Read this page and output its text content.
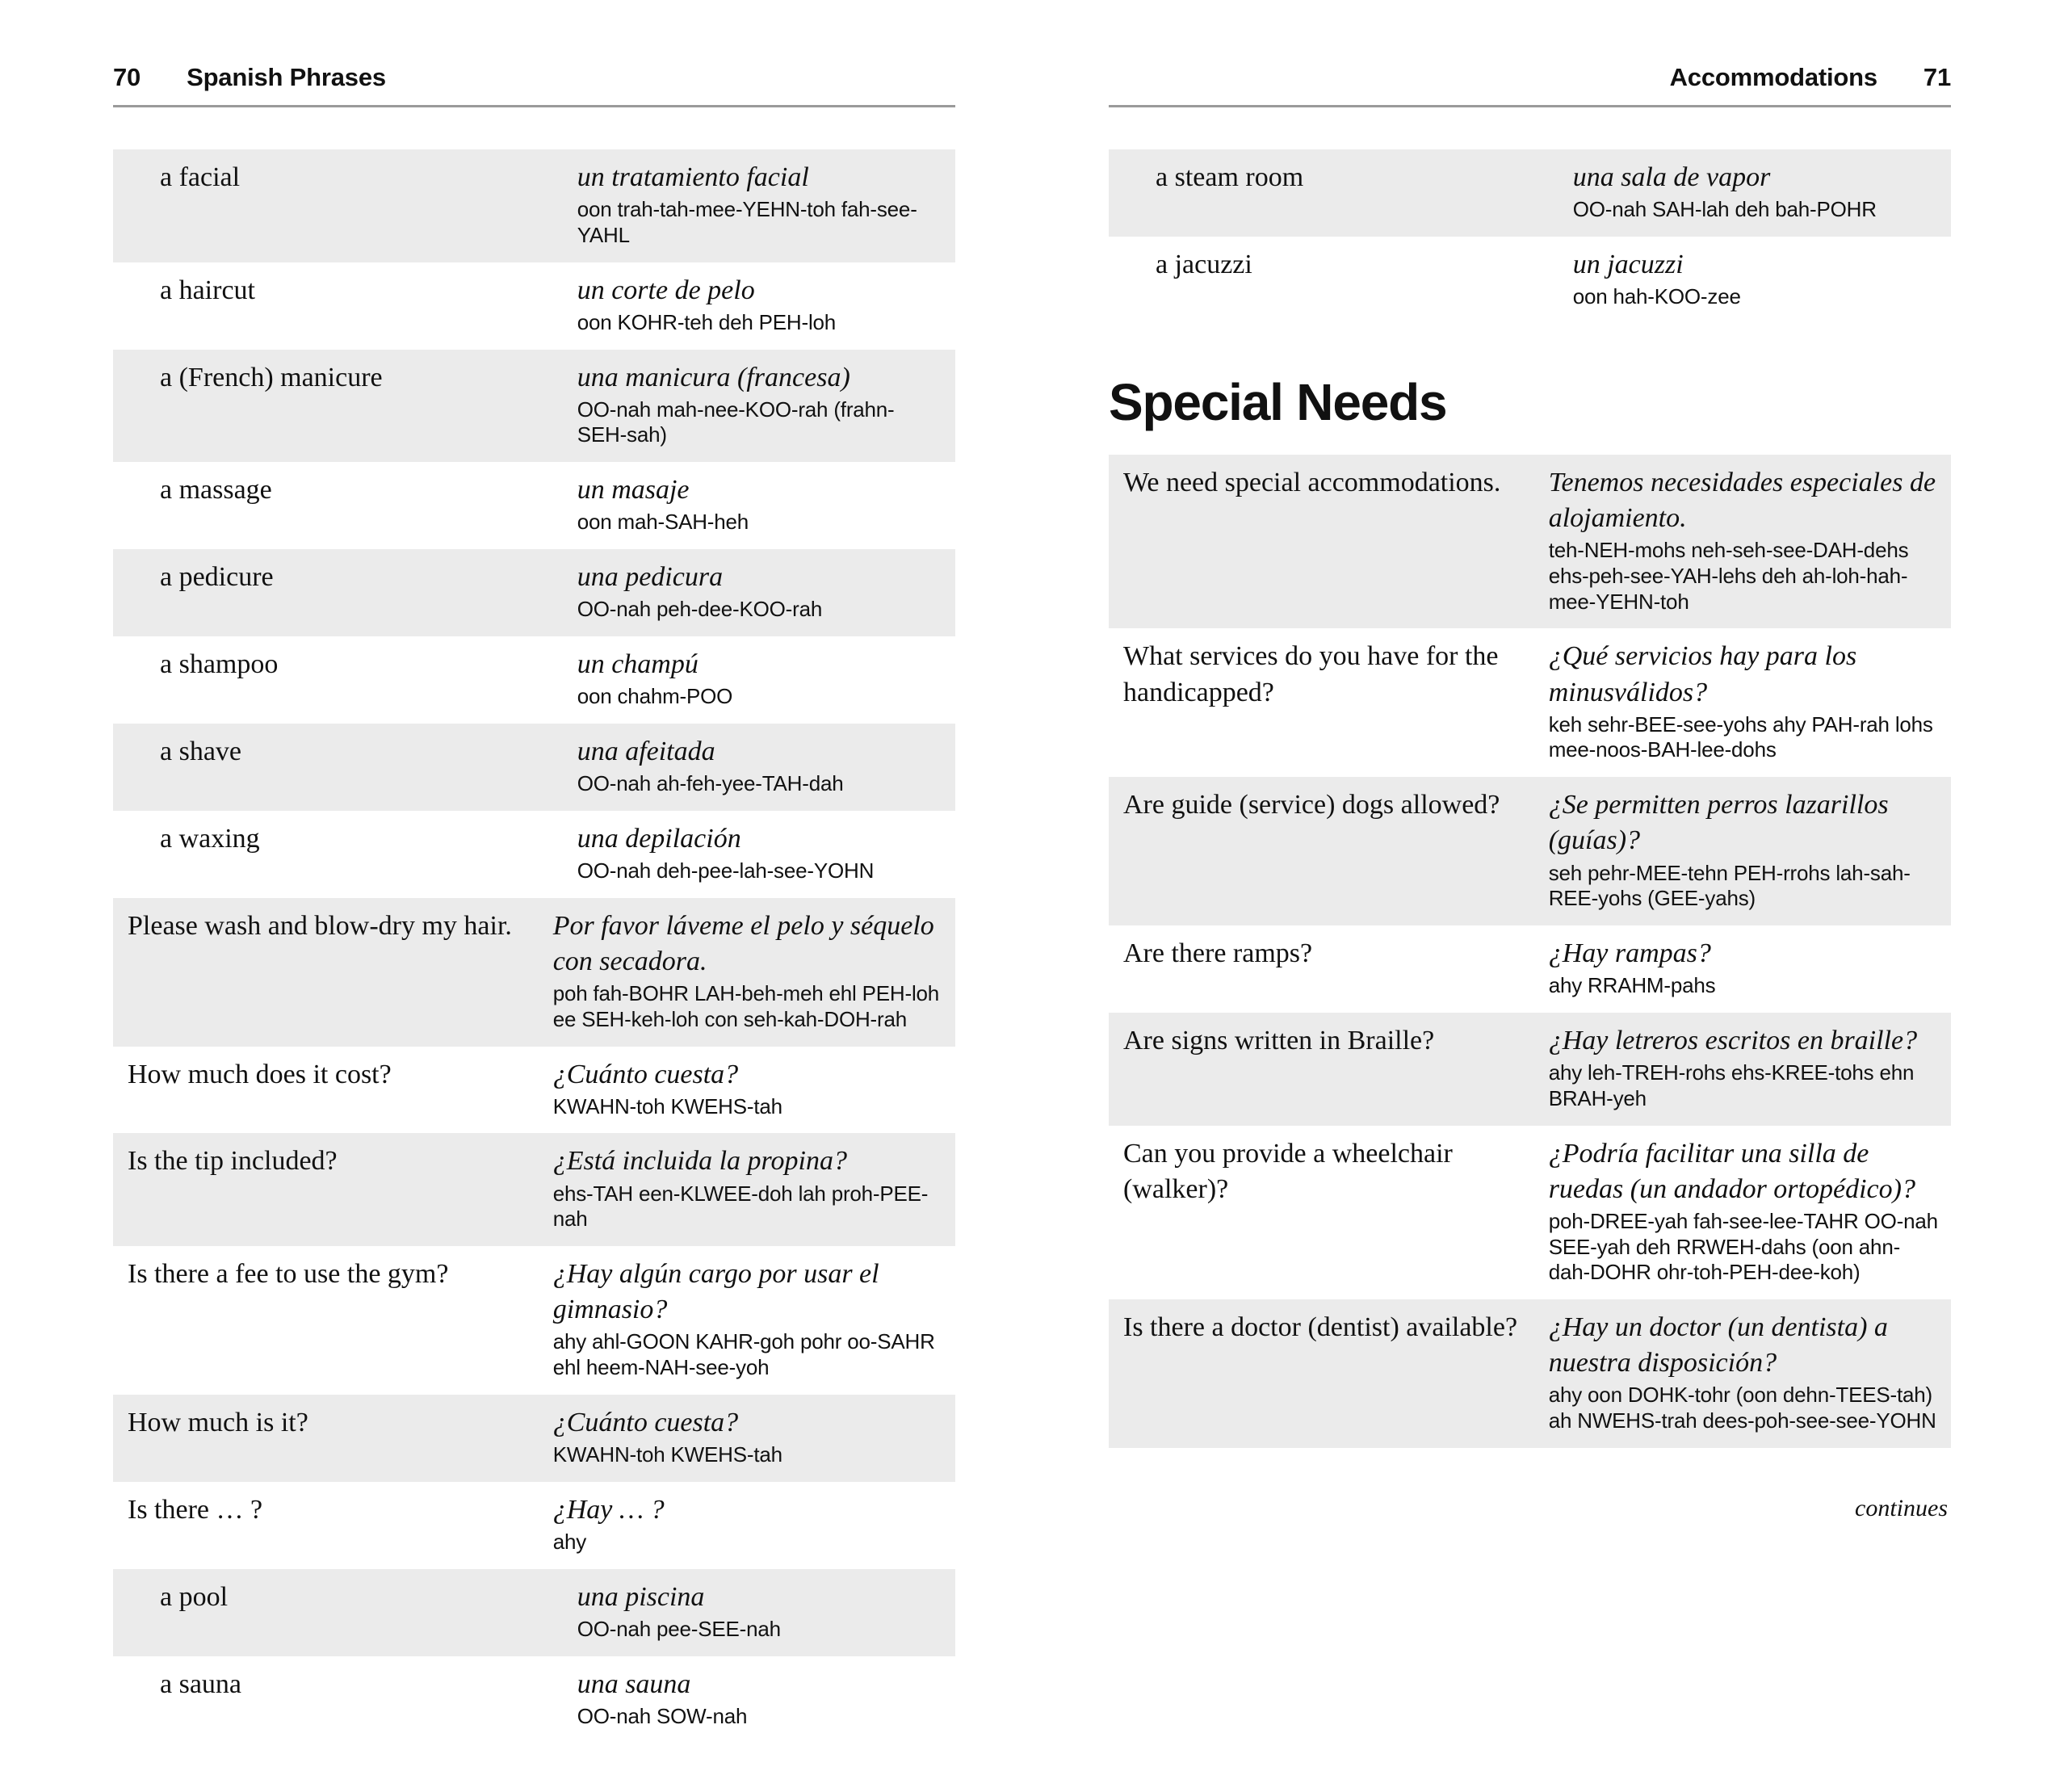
70 Spanish Phrases
a facial	un tratamiento facial
oon trah-tah-mee-YEHN-toh fah-see-YAHL

a haircut	un corte de pelo
oon KOHR-teh deh PEH-loh

a (French) manicure	una manicura (francesa)
OO-nah mah-nee-KOO-rah (frahn-SEH-sah)

a massage	un masaje
oon mah-SAH-heh

a pedicure	una pedicura
OO-nah peh-dee-KOO-rah

a shampoo	un champú
oon chahm-POO

a shave	una afeitada
OO-nah ah-feh-yee-TAH-dah

a waxing	una depilación
OO-nah deh-pee-lah-see-YOHN

Please wash and blow-dry my hair.	Por favor láveme el pelo y séquelo con secadora.
poh fah-BOHR LAH-beh-meh ehl PEH-loh ee SEH-keh-loh con seh-kah-DOH-rah

How much does it cost?	¿Cuánto cuesta?
KWAHN-toh KWEHS-tah

Is the tip included?	¿Está incluida la propina?
ehs-TAH een-KLWEE-doh lah proh-PEE-nah

Is there a fee to use the gym?	¿Hay algún cargo por usar el gimnasio?
ahy ahl-GOON KAHR-goh pohr oo-SAHR ehl heem-NAH-see-yoh

How much is it?	¿Cuánto cuesta?
KWAHN-toh KWEHS-tah

Is there … ?	¿Hay … ?
ahy

a pool	una piscina
OO-nah pee-SEE-nah

a sauna	una sauna
OO-nah SOW-nah
Accommodations 71
a steam room	una sala de vapor
OO-nah SAH-lah deh bah-POHR

a jacuzzi	un jacuzzi
oon hah-KOO-zee
Special Needs
We need special accommodations.	Tenemos necesidades especiales de alojamiento.
teh-NEH-mohs neh-seh-see-DAH-dehs ehs-peh-see-YAH-lehs deh ah-loh-hah-mee-YEHN-toh

What services do you have for the handicapped?	¿Qué servicios hay para los minusválidos?
keh sehr-BEE-see-yohs ahy PAH-rah lohs mee-noos-BAH-lee-dohs

Are guide (service) dogs allowed?	¿Se permitten perros lazarillos (guías)?
seh pehr-MEE-tehn PEH-rrohs lah-sah-REE-yohs (GEE-yahs)

Are there ramps?	¿Hay rampas?
ahy RRAHM-pahs

Are signs written in Braille?	¿Hay letreros escritos en braille?
ahy leh-TREH-rohs ehs-KREE-tohs ehn BRAH-yeh

Can you provide a wheelchair (walker)?	¿Podría facilitar una silla de ruedas (un andador ortopédico)?
poh-DREE-yah fah-see-lee-TAHR OO-nah SEE-yah deh RRWEH-dahs (oon ahn-dah-DOHR ohr-toh-PEH-dee-koh)

Is there a doctor (dentist) available?	¿Hay un doctor (un dentista) a nuestra disposición?
ahy oon DOHK-tohr (oon dehn-TEES-tah) ah NWEHS-trah dees-poh-see-see-YOHN
continues
